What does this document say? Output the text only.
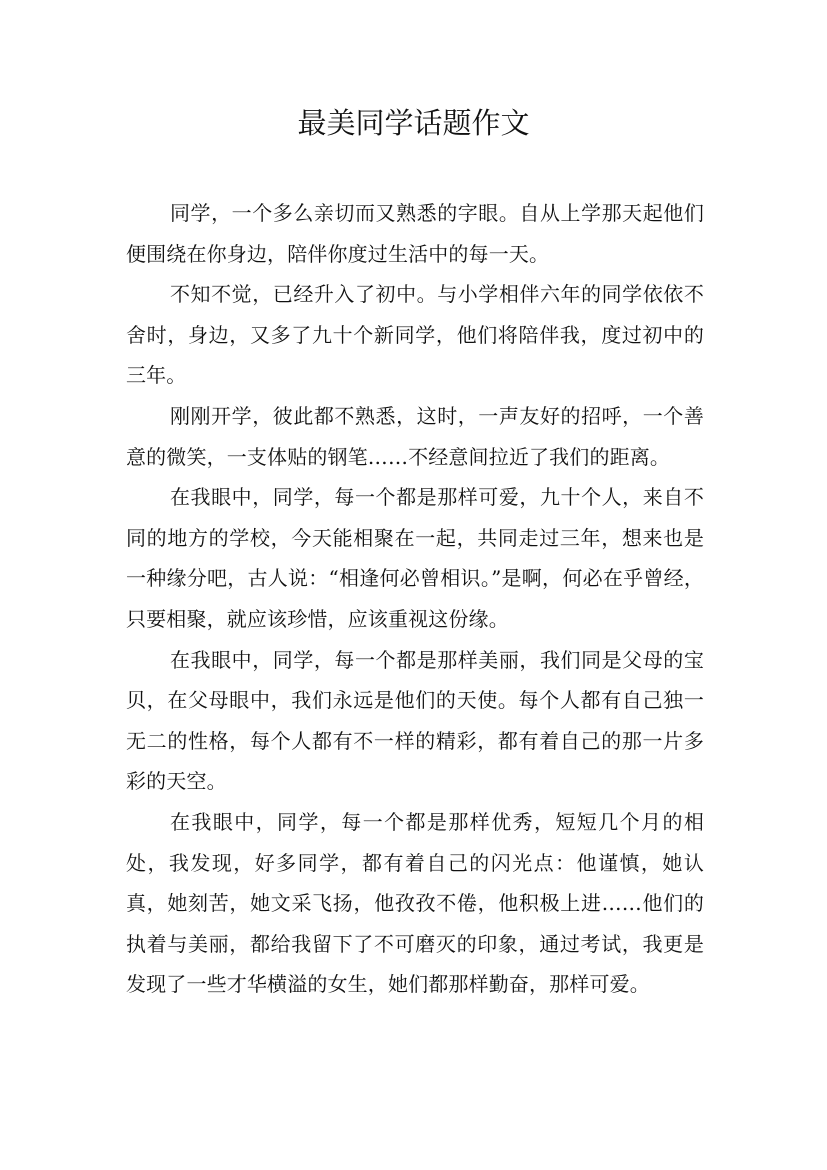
最美同学话题作文

同学，一个多么亲切而又熟悉的字眼。自从上学那天起他们便围绕在你身边，陪伴你度过生活中的每一天。

不知不觉，已经升入了初中。与小学相伴六年的同学依依不舍时，身边，又多了九十个新同学，他们将陪伴我，度过初中的三年。

刚刚开学，彼此都不熟悉，这时，一声友好的招呼，一个善意的微笑，一支体贴的钢笔……不经意间拉近了我们的距离。

在我眼中，同学，每一个都是那样可爱，九十个人，来自不同的地方的学校，今天能相聚在一起，共同走过三年，想来也是一种缘分吧，古人说：“相逢何必曾相识。”是啊，何必在乎曾经，只要相聚，就应该珍惜，应该重视这份缘。

在我眼中，同学，每一个都是那样美丽，我们同是父母的宝贝，在父母眼中，我们永远是他们的天使。每个人都有自己独一无二的性格，每个人都有不一样的精彩，都有着自己的那一片多彩的天空。

在我眼中，同学，每一个都是那样优秀，短短几个月的相处，我发现，好多同学，都有着自己的闪光点：他谨慎，她认真，她刻苦，她文采飞扬，他孜孜不倦，他积极上进……他们的执着与美丽，都给我留下了不可磨灭的印象，通过考试，我更是发现了一些才华横溢的女生，她们都那样勤奋，那样可爱。
